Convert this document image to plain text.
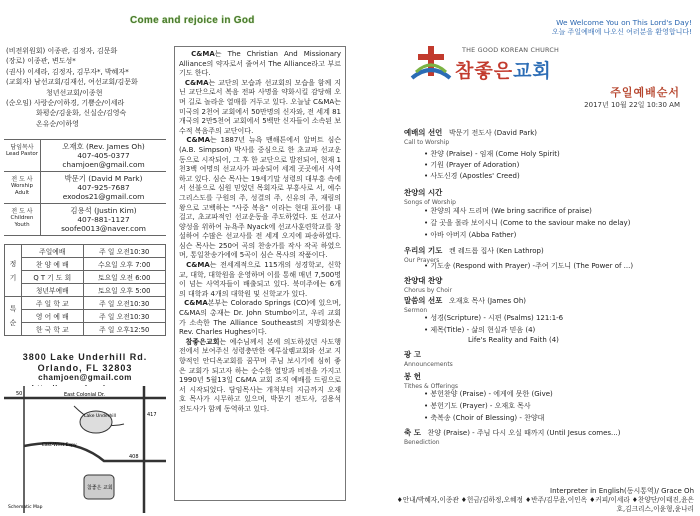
Come and rejoice in God
(비전위원회) 이종관, 김정자, 김문화
(장로) 이종관, 변도성*
(권사) 이세라, 김정자, 김무자*, 박혜자*
(교회자) 남선교회/김재선, 여선교회/김문화
청년선교회/이종현
(순오임) 사랑순/이하경, 기쁨순/이세라
화평순/김윤화, 신실순/김영숙
온유순/이하영
담임목사
Lead Pastor
오재호 (Rev. James Oh)
407-405-0377
chamjoen@gmail.com
전 도 사
Worship Adult
박문기 (David M Park)
407-925-7687
exodos21@gmail.com
전 도 사
Children Youth
김용석 (Justin Kim)
407-881-1127
soofe0013@naver.com
정 기	주일예배	주 일 오전10:30
	찬 양 예 배	수요일 오후 7:00
	Q T 기 도 회	토요일 오전 6:00
	청년부예배	토요일 오후 5:00
특 순	주 일 학 교	주 일 오전10:30
	영 어 예 배	주 일 오전10:30
	한 국 학 교	주 일 오후12:50
3800 Lake Underhill Rd.
Orlando, FL 32803
chamjoen@gmail.com
East Colonial Dr.
Lake Underhill
East-West Expy.
417
408
50
참좋은 교회
Schematic Map

C&MA는 The Christian And Missionary Alliance의 약자로서 줄여서 The Alliance라고 부르기도 한다.

C&MA는 교단의 모습과 선교회의 모습을 함께 지닌 교단으로서 복음 전파 사명을 약화시킬 감당해 오며 길로 놀라운 열매를 거두고 있다. 오늘날 C&MA는 미국의 2천여 교회에서 50만명의 신자와, 전 세계 81개국의 2만5천여 교회에서 5백만 신자들이 소속된 보수적 복음주의 교단이다.

C&MA는 1887년 뉴욕 맨해튼에서 알버트 심슨 (A.B. Simpson) 박사를 중심으로 한 초교파 선교운동으로 시작되어, 그 후 한 교단으로 발전되어, 현재 1천3백 여명의 선교사가 파송되어 세계 곳곳에서 사역하고 있다. 심슨 목사는 19세기말 성령의 대부흥 속에서 선불으로 심원 믿었던 목회자로 부흥사로 서, 예수 그리스도를 구원의 주, 성결의 주, 신유의 주, 재림의 왕으로 고백하는 "사중 복음" 이라는 현대 표어를 내걸고, 초교파적인 선교운동을 주도하였다. 또 선교사 양성을 위하여 뉴욕주 Nyack에 선교사훈련학교를 창설하여 수많은 선교사를 전 세계 오지에 파송하였다. 심슨 목사는 250여 곡의 찬송가를 작사 작곡 하였으며, 통일찬송가에에 5곡이 심슨 목사의 작품이다.

C&MA는 전세계적으로 115개의 성경학교, 신학교, 대학, 대학원을 운영하며 이를 통해 매년 7,500명이 넘는 사역자들이 배출되고 있다. 북미주에는 6개의 대학과 4개의 대학원 및 신학교가 있다.

C&MA본부는 Colorado Springs (CO)에 있으며, C&MA의 총재는 Dr. John Stumbo이고, 우리 교회가 소속한 The Alliance Southeast의 지방회장은 Rev. Charles Hughes이다.

참좋은교회는 예수님께서 본에 의도하셨던 사도행전에서 보여주신 성령충만한 예루살렘교회와 선교 지향적인 안디옥교회를 꿈꾸며 주님 보시기에 심히 좋은 교회가 되고자 하는 순수한 열망과 비전을 가지고 1990년 5월13일 C&MA 교회 조직 예배를 드림으로서 시작되었다. 담임목사는 개척부터 지금까지 오재호 목사가 시무하고 있으며, 박문기 전도사, 김용석 전도사가 함께 동역하고 있다.

We Welcome You on This Lord's Day!
오늘 주일예배에 나오신 여러분을 환영합니다!
THE GOOD KOREAN CHURCH
참좋은교회
주일예배순서
2017년 10월 22일 10:30 AM
예배의 선언 박문기 전도사 (David Park)
Call to Worship
• 찬양 (Praise) - 임재 (Come Holy Spirit)
• 기원 (Prayer of Adoration)
• 사도신경 (Apostles' Creed)
찬양의 시간
Songs of Worship
• 찬양의 제사 드리며 (We bring sacrifice of praise)
• 갈 곳을 몰라 보이시니 (Come to the saviour make no delay)
• 아바 아버지 (Abba Father)
우리의 기도 켄 레드롭 집사 (Ken Lathrop)
Our Prayers
• 기도송 (Respond with Prayer) -주여 기도니 (The Power of ...)
찬양대 찬양
Chorus by Choir
말씀의 선포 오재호 목사 (James Oh)
Sermon
• 성경(Scripture) - 시편 (Psalms) 121:1-6
• 제목(Title) - 삶의 현실과 믿음 (4)
Life's Reality and Faith (4)
광 고
Announcements
봉 헌
Tithes & Offerings
• 봉헌찬양 (Praise) - 에게에 못한 (Give)
• 봉헌기도 (Prayer) - 오재호 목사
• 축복송 (Choir of Blessing) - 찬양대
축 도 찬양 (Praise) - 주님 다시 오실 때까지 (Until Jesus comes...)
Benediction
Interpreter in English(동시통역)/ Grace Oh
♦안내/박혜자,이종관 ♦헌금/김하정,오혜정 ♦반주/김무윤,이인옥 ♦커피/이세라 ♦찬양단/이태진,윤은호,김크리스,이윤형,윤나리
